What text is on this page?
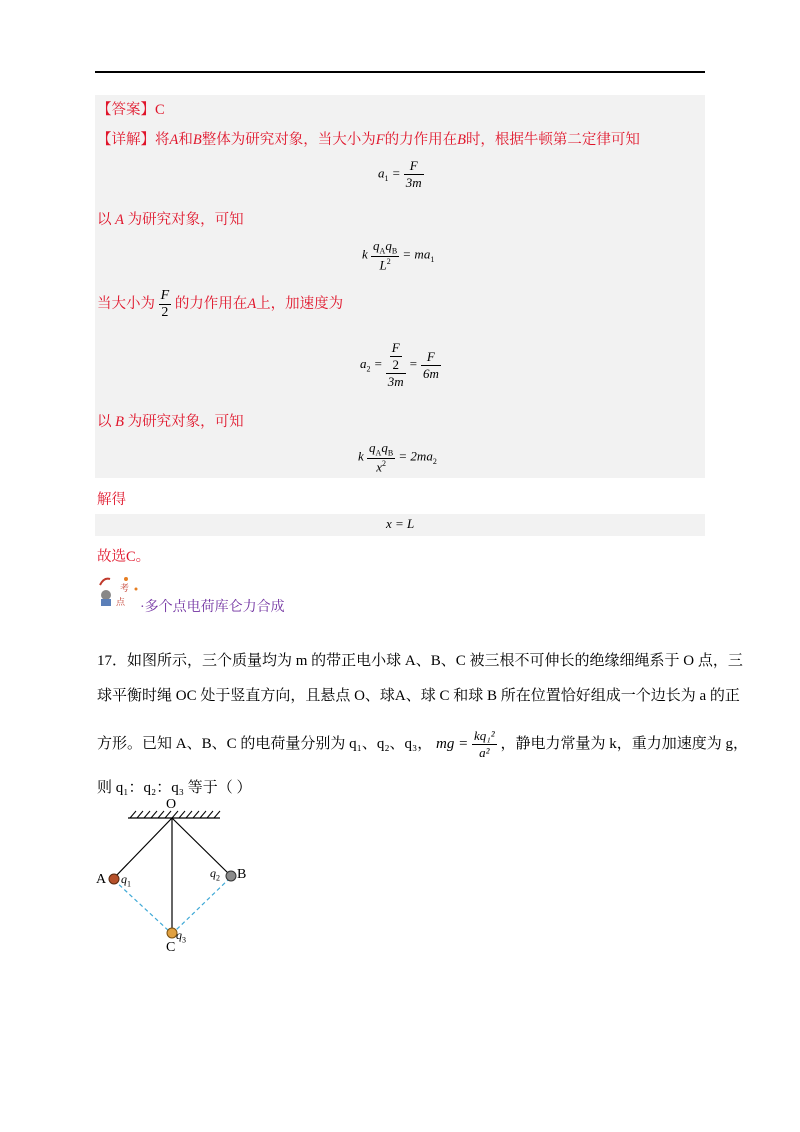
【答案】C
【详解】将A和B整体为研究对象，当大小为F的力作用在B时，根据牛顿第二定律可知
$a_1 = \frac{F}{3m}$
以 A 为研究对象，可知
k $\frac{q_Aq_B}{L^2} = ma_1$
当大小为 $\frac{F}{2}$ 的力作用在A上，加速度为
$a_2 = \frac{\frac{F}{2}}{3m} = \frac{F}{6m}$
以 B 为研究对象，可知
k $\frac{q_Aq_B}{x^2} = 2ma_2$
解得
x = L
故选C。
考
点 ·多个点电荷库仑力合成
17．如图所示，三个质量均为 m 的带正电小球 A、B、C 被三根不可伸长的绝缘细绳系于 O 点，三
球平衡时绳 OC 处于竖直方向，且悬点 O、球A、球 C 和球 B 所在位置恰好组成一个边长为 a 的正
方形。已知 A、B、C 的电荷量分别为 q₁、q₂、q₃， mg = $\frac{\text{kq₁²}}{\text{a²}}$ ，静电力常量为 k，重力加速度为 g，
则 q₁：q₂：q₃ 等于（ ）
O
A $q_1$
$q_2$ B
$q_3$
C
